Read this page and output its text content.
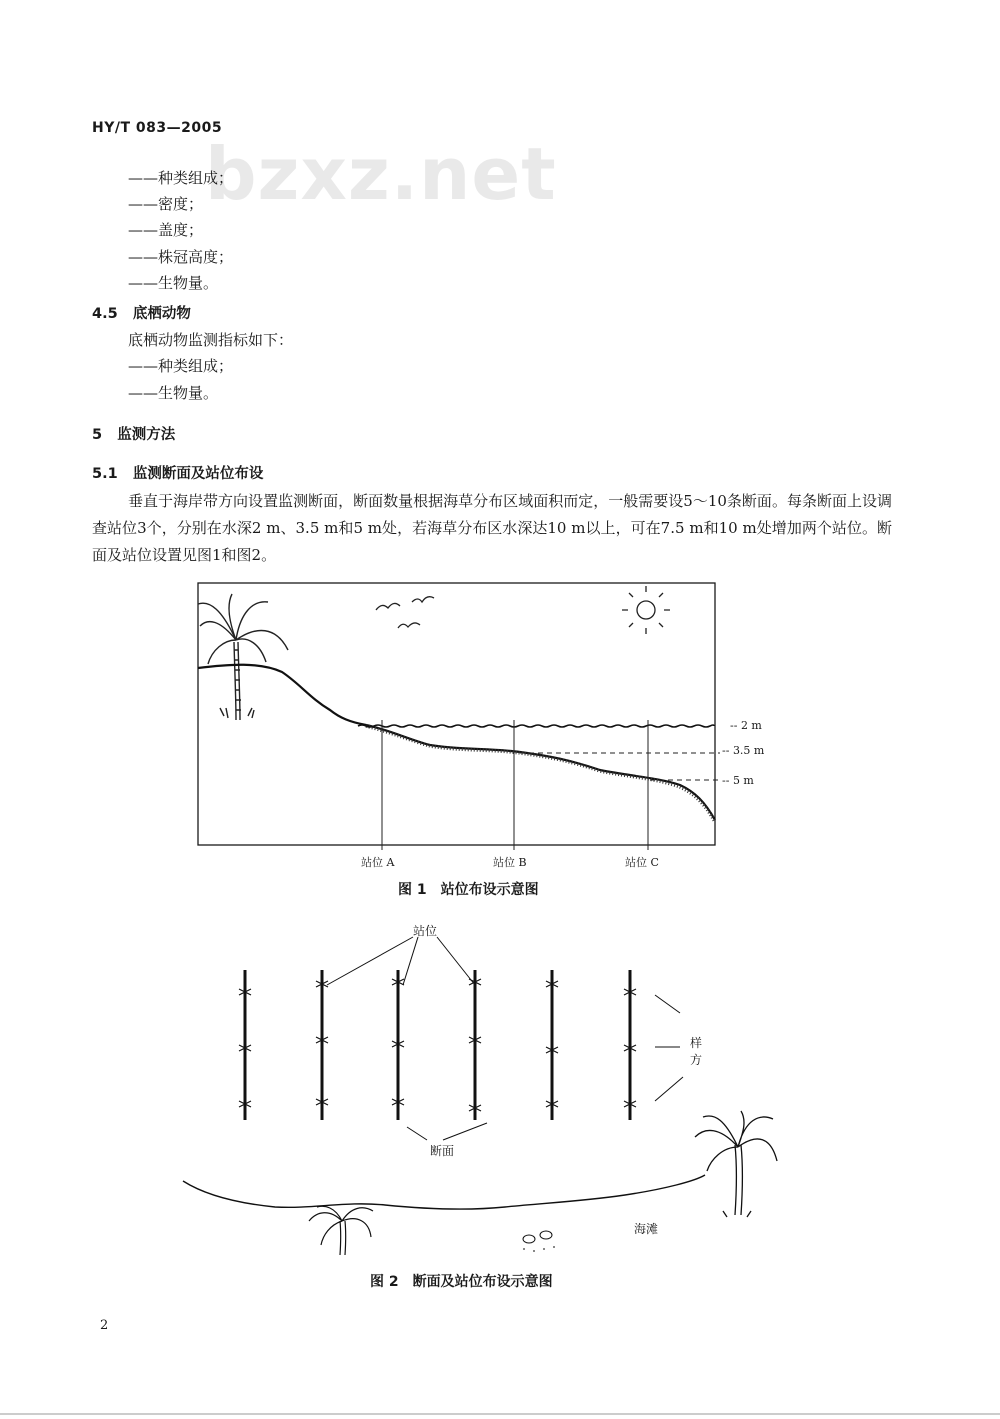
bzxz.net
HY/T 083—2005
——种类组成；
——密度；
——盖度；
——株冠高度；
——生物量。
4.5 底栖动物
底栖动物监测指标如下：
——种类组成；
——生物量。
5 监测方法
5.1 监测断面及站位布设
垂直于海岸带方向设置监测断面，断面数量根据海草分布区域面积而定，一般需要设5～10条断面。每条断面上设调查站位3个，分别在水深2 m、3.5 m和5 m处，若海草分布区水深达10 m以上，可在7.5 m和10 m处增加两个站位。断面及站位设置见图1和图2。
‑‑ 2 m
‑‑ 3.5 m
‑‑ 5 m
站位 A	站位 B	站位 C
图 1　站位布设示意图
站位
样
方
断面
海滩
图 2　断面及站位布设示意图
2
